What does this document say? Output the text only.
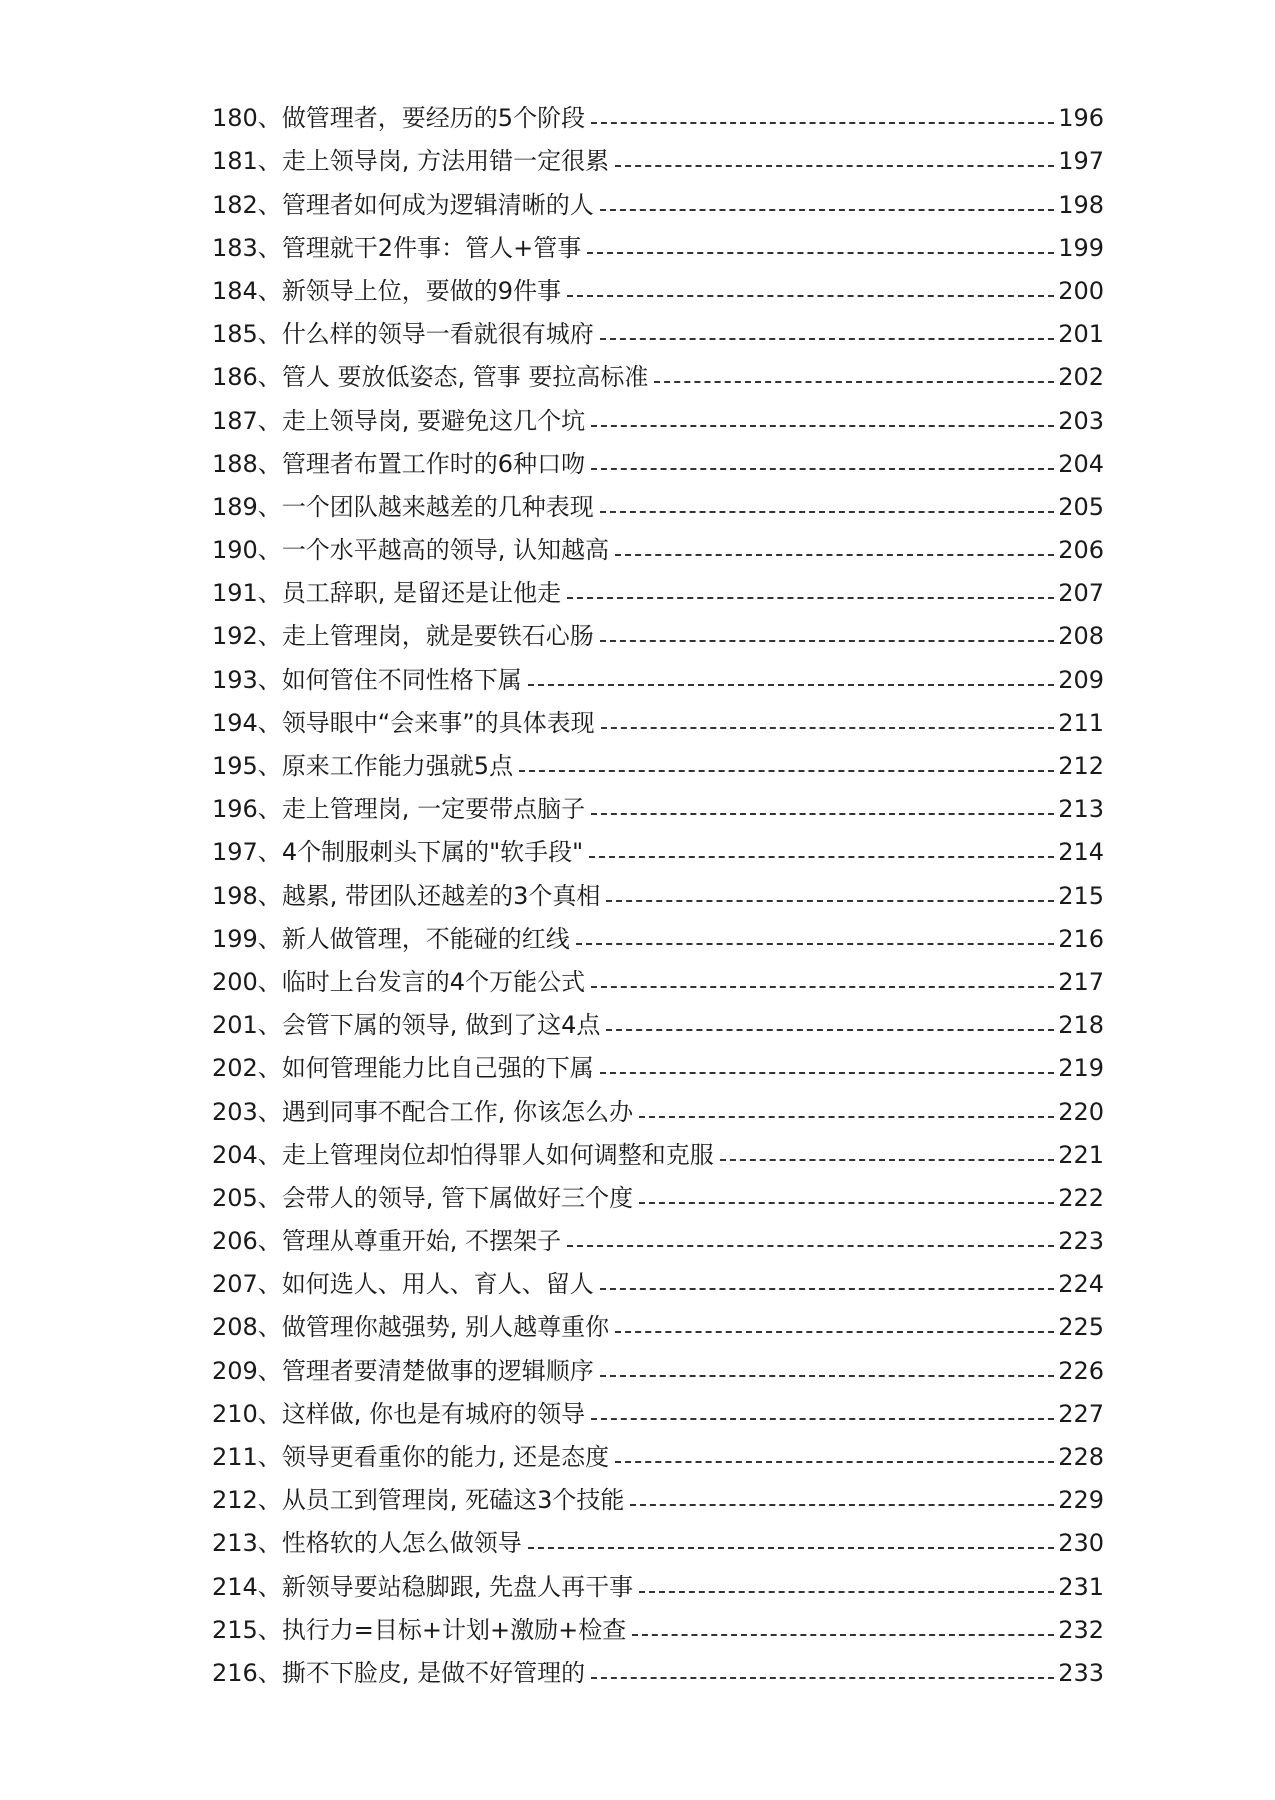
180、 做管理者，要经历的5个阶段	196
181、 走上领导岗, 方法用错一定很累	197
182、 管理者如何成为逻辑清晰的人	198
183、 管理就干2件事：管人+管事	199
184、 新领导上位，要做的9件事	200
185、 什么样的领导一看就很有城府	201
186、 管人 要放低姿态, 管事 要拉高标准	202
187、 走上领导岗, 要避免这几个坑	203
188、 管理者布置工作时的6种口吻	204
189、 一个团队越来越差的几种表现	205
190、 一个水平越高的领导, 认知越高	206
191、 员工辞职, 是留还是让他走	207
192、 走上管理岗，就是要铁石心肠	208
193、 如何管住不同性格下属	209
194、 领导眼中“会来事”的具体表现	211
195、 原来工作能力强就5点	212
196、 走上管理岗, 一定要带点脑子	213
197、 4个制服刺头下属的"软手段"	214
198、 越累, 带团队还越差的3个真相	215
199、 新人做管理，不能碰的红线	216
200、 临时上台发言的4个万能公式	217
201、 会管下属的领导, 做到了这4点	218
202、 如何管理能力比自己强的下属	219
203、 遇到同事不配合工作, 你该怎么办	220
204、 走上管理岗位却怕得罪人如何调整和克服	221
205、 会带人的领导, 管下属做好三个度	222
206、 管理从尊重开始, 不摆架子	223
207、 如何选人、用人、育人、留人	224
208、 做管理你越强势, 别人越尊重你	225
209、 管理者要清楚做事的逻辑顺序	226
210、 这样做, 你也是有城府的领导	227
211、 领导更看重你的能力, 还是态度	228
212、 从员工到管理岗, 死磕这3个技能	229
213、 性格软的人怎么做领导	230
214、 新领导要站稳脚跟, 先盘人再干事	231
215、 执行力=目标+计划+激励+检查	232
216、 撕不下脸皮, 是做不好管理的	233
